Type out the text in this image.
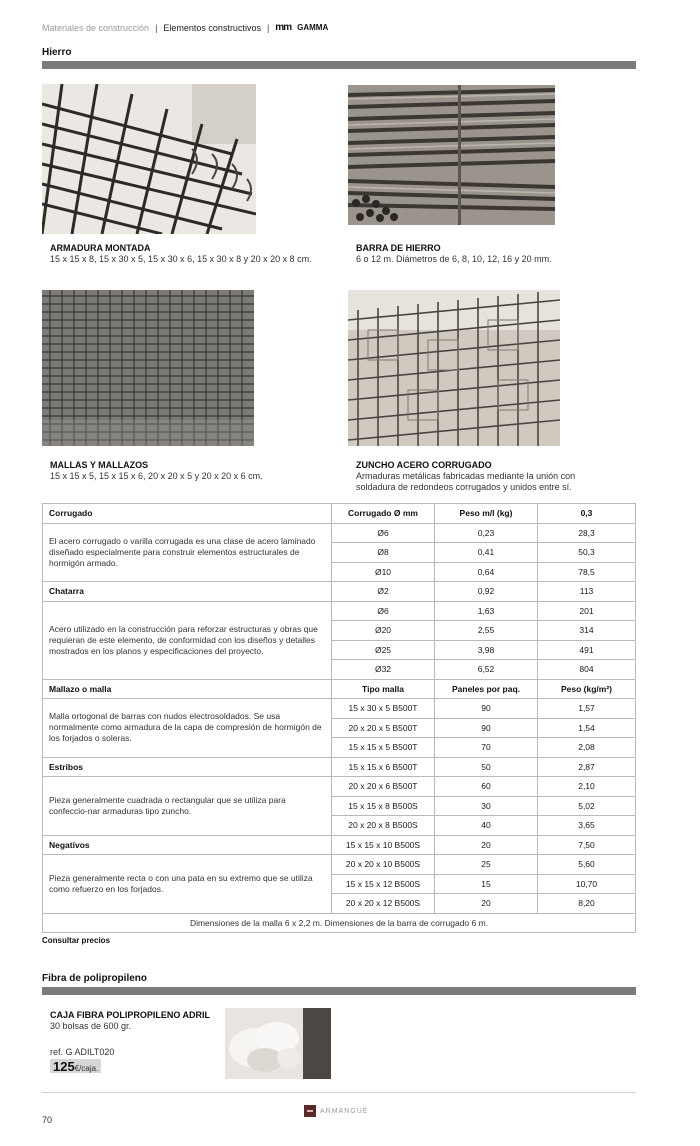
Materiales de construcción | Elementos constructivos | mm GAMMA
Hierro
ARMADURA MONTADA
15 x 15 x 8, 15 x 30 x 5, 15 x 30 x 6, 15 x 30 x 8 y 20 x 20 x 8 cm.
BARRA DE HIERRO
6 o 12 m. Diámetros de 6, 8, 10, 12, 16 y 20 mm.
MALLAS Y MALLAZOS
15 x 15 x 5, 15 x 15 x 6, 20 x 20 x 5 y 20 x 20 x 6 cm.
ZUNCHO ACERO CORRUGADO
Armaduras metálicas fabricadas mediante la unión con soldadura de redondeos corrugados y unidos entre sí.
Corrugado	Corrugado Ø mm	Peso m/l (kg)	0,3
El acero corrugado o varilla corrugada es una clase de acero laminado diseñado especialmente para construir elementos estructurales de hormigón armado.	Ø6	0,23	28,3
	Ø8	0,41	50,3
	Ø10	0,64	78,5
Chatarra	Ø2	0,92	113
Acero utilizado en la construcción para reforzar estructuras y obras que requieran de este elemento, de conformidad con los diseños y detalles mostrados en los planos y especificaciones del proyecto.	Ø6	1,63	201
	Ø20	2,55	314
	Ø25	3,98	491
	Ø32	6,52	804
Mallazo o malla	Tipo malla	Paneles por paq.	Peso (kg/m²)
Malla ortogonal de barras con nudos electrosoldados. Se usa normalmente como armadura de la capa de compresión de hormigón de los forjados o soleras.	15 x 30 x 5 B500T	90	1,57
	20 x 20 x 5 B500T	90	1,54
	15 x 15 x 5 B500T	70	2,08
Estribos	15 x 15 x 6 B500T	50	2,87
Pieza generalmente cuadrada o rectangular que se utiliza para confeccio-nar armaduras tipo zuncho.	20 x 20 x 6 B500T	60	2,10
	15 x 15 x 8 B500S	30	5,02
	20 x 20 x 8 B500S	40	3,65
Negativos	15 x 15 x 10 B500S	20	7,50
Pieza generalmente recta o con una pata en su extremo que se utiliza como refuerzo en los forjados.	20 x 20 x 10 B500S	25	5,60
	15 x 15 x 12 B500S	15	10,70
	20 x 20 x 12 B500S	20	8,20
Dimensiones de la malla 6 x 2,2 m. Dimensiones de la barra de corrugado 6 m.			
Consultar precios
Fibra de polipropileno
CAJA FIBRA POLIPROPILENO ADRIL
30 bolsas de 600 gr.
ref. G ADILT020
125 €/caja.
70
ARMANGUÉ
